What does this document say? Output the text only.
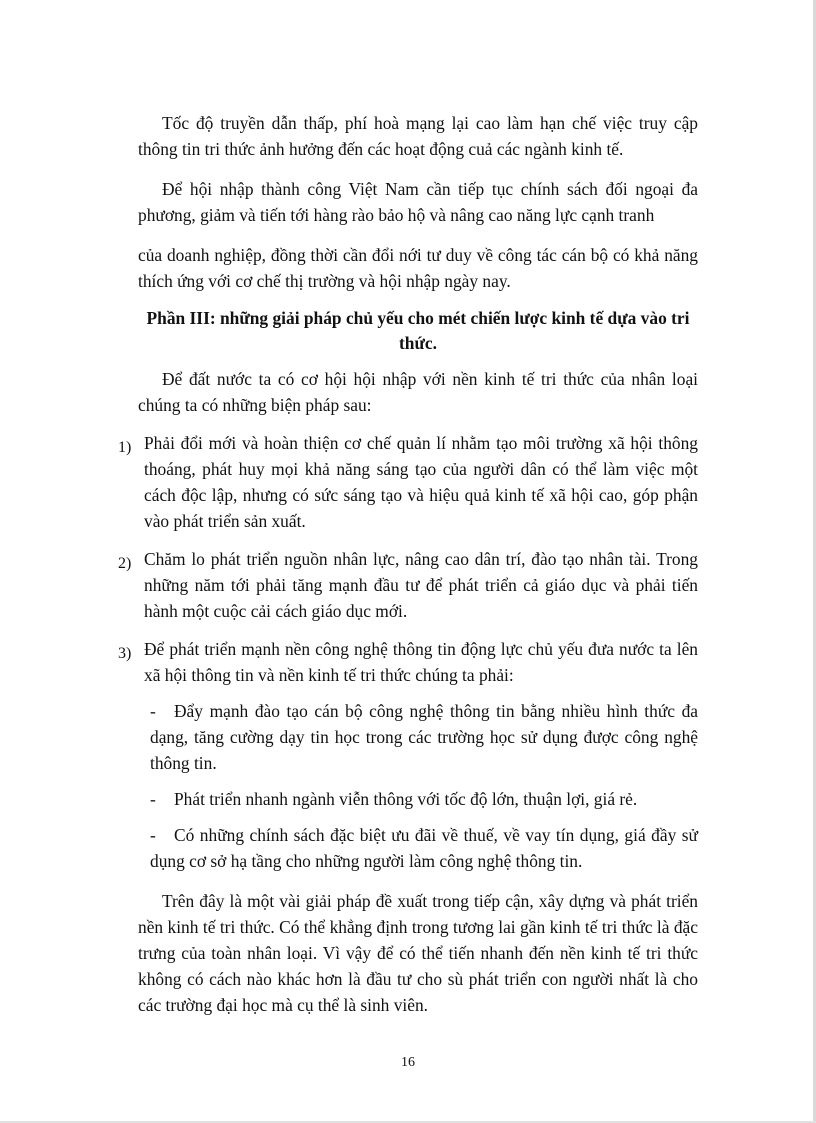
Tốc độ truyền dẫn thấp, phí hoà mạng lại cao làm hạn chế việc truy cập thông tin tri thức ảnh hưởng đến các hoạt động cuả các ngành kinh tế.

Để hội nhập thành công Việt Nam cần tiếp tục chính sách đối ngoại đa phương, giảm và tiến tới hàng rào bảo hộ và nâng cao năng lực cạnh tranh

của doanh nghiệp, đồng thời cần đổi nới tư duy về công tác cán bộ có khả năng thích ứng với cơ chế thị trường và hội nhập ngày nay.

Phần III: những giải pháp chủ yếu cho mét chiến lược kinh tế dựa vào tri thức.

Để đất nước ta có cơ hội hội nhập với nền kinh tế tri thức của nhân loại chúng ta có những biện pháp sau:

1) Phải đổi mới và hoàn thiện cơ chế quản lí nhằm tạo môi trường xã hội thông thoáng, phát huy mọi khả năng sáng tạo của người dân có thể làm việc một cách độc lập, nhưng có sức sáng tạo và hiệu quả kinh tế xã hội cao, góp phận vào phát triển sản xuất.
2) Chăm lo phát triển nguồn nhân lực, nâng cao dân trí, đào tạo nhân tài. Trong những năm tới phải tăng mạnh đầu tư để phát triển cả giáo dục và phải tiến hành một cuộc cải cách giáo dục mới.
3) Để phát triển mạnh nền công nghệ thông tin động lực chủ yếu đưa nước ta lên xã hội thông tin và nền kinh tế tri thức chúng ta phải:
- Đẩy mạnh đào tạo cán bộ công nghệ thông tin bằng nhiều hình thức đa dạng, tăng cường dạy tin học trong các trường học sử dụng được công nghệ thông tin.
- Phát triển nhanh ngành viễn thông với tốc độ lớn, thuận lợi, giá rẻ.
- Có những chính sách đặc biệt ưu đãi về thuế, về vay tín dụng, giá đầy sử dụng cơ sở hạ tầng cho những người làm công nghệ thông tin.

Trên đây là một vài giải pháp đề xuất trong tiếp cận, xây dựng và phát triển nền kinh tế tri thức. Có thể khẳng định trong tương lai gần kinh tế tri thức là đặc trưng của toàn nhân loại. Vì vậy để có thể tiến nhanh đến nền kinh tế tri thức không có cách nào khác hơn là đầu tư cho sù phát triển con người nhất là cho các trường đại học mà cụ thể là sinh viên.

16
